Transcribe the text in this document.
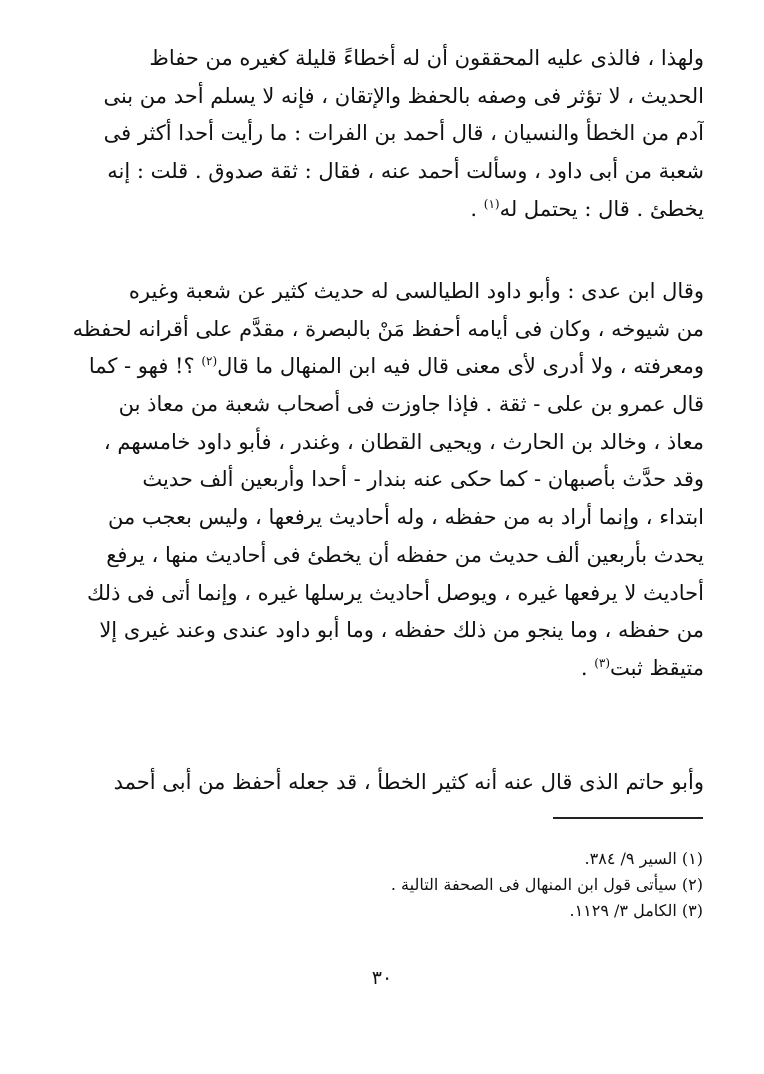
ولهذا ، فالذى عليه المحققون أن له أخطاءً قليلة كغيره من حفاظ
الحديث ، لا تؤثر فى وصفه بالحفظ والإتقان ، فإنه لا يسلم أحد من بنى
آدم من الخطأ والنسيان ، قال أحمد بن الفرات : ما رأيت أحدا أكثر فى
شعبة من أبى داود ، وسألت أحمد عنه ، فقال : ثقة صدوق . قلت : إنه
يخطئ . قال : يحتمل له$^{(١)}$ .
وقال ابن عدى : وأبو داود الطيالسى له حديث كثير عن شعبة وغيره
من شيوخه ، وكان فى أيامه أحفظ مَنْ بالبصرة ، مقدَّم على أقرانه لحفظه
ومعرفته ، ولا أدرى لأى معنى قال فيه ابن المنهال ما قال$^{(٢)}$ ؟! فهو - كما
قال عمرو بن على - ثقة . فإذا جاوزت فى أصحاب شعبة من معاذ بن
معاذ ، وخالد بن الحارث ، ويحيى القطان ، وغندر ، فأبو داود خامسهم ،
وقد حدَّث بأصبهان - كما حكى عنه بندار - أحدا وأربعين ألف حديث
ابتداء ، وإنما أراد به من حفظه ، وله أحاديث يرفعها ، وليس بعجب من
يحدث بأربعين ألف حديث من حفظه أن يخطئ فى أحاديث منها ، يرفع
أحاديث لا يرفعها غيره ، ويوصل أحاديث يرسلها غيره ، وإنما أتى فى ذلك
من حفظه ، وما ينجو من ذلك حفظه ، وما أبو داود عندى وعند غيرى إلا
متيقظ ثبت$^{(٣)}$ .
وأبو حاتم الذى قال عنه أنه كثير الخطأ ، قد جعله أحفظ من أبى أحمد
(١) السير ٩/ ٣٨٤.
(٢) سيأتى قول ابن المنهال فى الصحفة التالية .
(٣) الكامل ٣/ ١١٢٩.
٣٠
